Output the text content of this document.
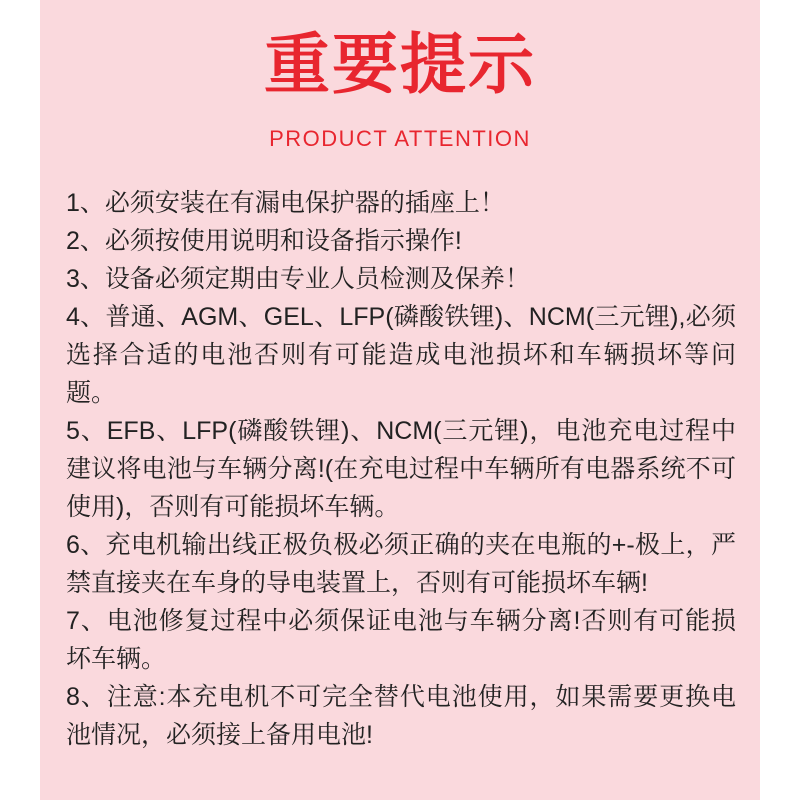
重要提示
PRODUCT ATTENTION
1、必须安装在有漏电保护器的插座上！
2、必须按使用说明和设备指示操作!
3、设备必须定期由专业人员检测及保养！
4、普通、AGM、GEL、LFP(磷酸铁锂)、NCM(三元锂),必须选择合适的电池否则有可能造成电池损坏和车辆损坏等问题。
5、EFB、LFP(磷酸铁锂)、NCM(三元锂)，电池充电过程中建议将电池与车辆分离!(在充电过程中车辆所有电器系统不可使用)，否则有可能损坏车辆。
6、充电机输出线正极负极必须正确的夹在电瓶的+-极上，严禁直接夹在车身的导电装置上，否则有可能损坏车辆!
7、电池修复过程中必须保证电池与车辆分离!否则有可能损坏车辆。
8、注意:本充电机不可完全替代电池使用，如果需要更换电池情况，必须接上备用电池!
